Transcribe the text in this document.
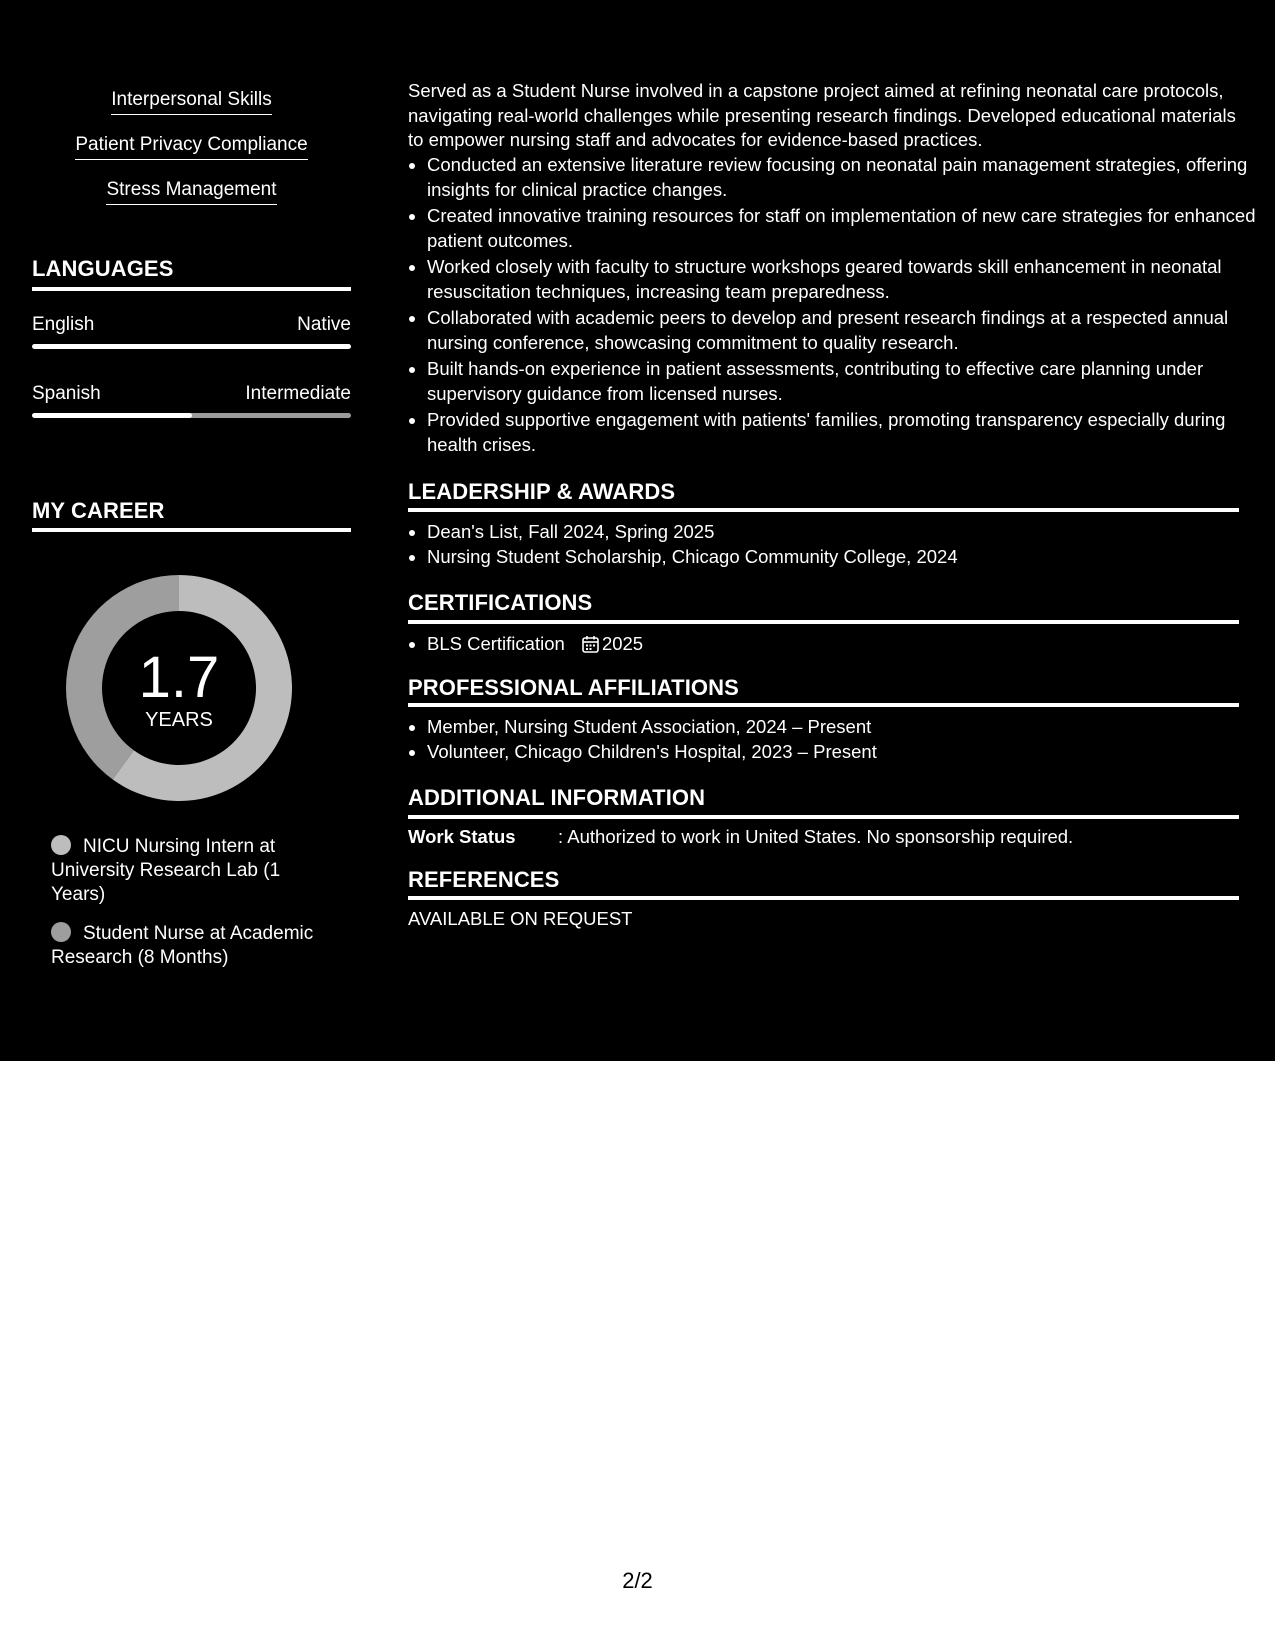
Interpersonal Skills
Patient Privacy Compliance
Stress Management
LANGUAGES
English	Native
Spanish	Intermediate
MY CAREER
1.7
YEARS
NICU Nursing Intern at University Research Lab (1 Years)
Student Nurse at Academic Research (8 Months)

Served as a Student Nurse involved in a capstone project aimed at refining neonatal care protocols, navigating real-world challenges while presenting research findings. Developed educational materials to empower nursing staff and advocates for evidence-based practices.

• Conducted an extensive literature review focusing on neonatal pain management strategies, offering insights for clinical practice changes.
• Created innovative training resources for staff on implementation of new care strategies for enhanced patient outcomes.
• Worked closely with faculty to structure workshops geared towards skill enhancement in neonatal resuscitation techniques, increasing team preparedness.
• Collaborated with academic peers to develop and present research findings at a respected annual nursing conference, showcasing commitment to quality research.
• Built hands-on experience in patient assessments, contributing to effective care planning under supervisory guidance from licensed nurses.
• Provided supportive engagement with patients' families, promoting transparency especially during health crises.
LEADERSHIP & AWARDS
• Dean's List, Fall 2024, Spring 2025
• Nursing Student Scholarship, Chicago Community College, 2024
CERTIFICATIONS
• BLS Certification 2025
PROFESSIONAL AFFILIATIONS
• Member, Nursing Student Association, 2024 – Present
• Volunteer, Chicago Children's Hospital, 2023 – Present
ADDITIONAL INFORMATION
Work Status : Authorized to work in United States. No sponsorship required.
REFERENCES
AVAILABLE ON REQUEST
2/2
